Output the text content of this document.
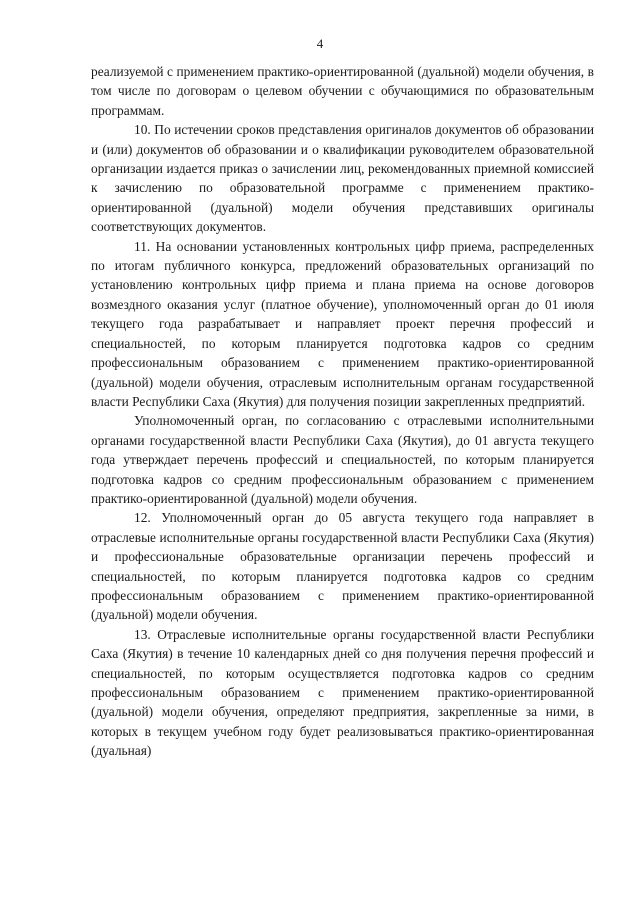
4

реализуемой с применением практико-ориентированной (дуальной) модели обучения, в том числе по договорам о целевом обучении с обучающимися по образовательным программам.

10. По истечении сроков представления оригиналов документов об образовании и (или) документов об образовании и о квалификации руководителем образовательной организации издается приказ о зачислении лиц, рекомендованных приемной комиссией к зачислению по образовательной программе с применением практико-ориентированной (дуальной) модели обучения представивших оригиналы соответствующих документов.

11. На основании установленных контрольных цифр приема, распределенных по итогам публичного конкурса, предложений образовательных организаций по установлению контрольных цифр приема и плана приема на основе договоров возмездного оказания услуг (платное обучение), уполномоченный орган до 01 июля текущего года разрабатывает и направляет проект перечня профессий и специальностей, по которым планируется подготовка кадров со средним профессиональным образованием с применением практико-ориентированной (дуальной) модели обучения, отраслевым исполнительным органам государственной власти Республики Саха (Якутия) для получения позиции закрепленных предприятий.

Уполномоченный орган, по согласованию с отраслевыми исполнительными органами государственной власти Республики Саха (Якутия), до 01 августа текущего года утверждает перечень профессий и специальностей, по которым планируется подготовка кадров со средним профессиональным образованием с применением практико-ориентированной (дуальной) модели обучения.

12. Уполномоченный орган до 05 августа текущего года направляет в отраслевые исполнительные органы государственной власти Республики Саха (Якутия) и профессиональные образовательные организации перечень профессий и специальностей, по которым планируется подготовка кадров со средним профессиональным образованием с применением практико-ориентированной (дуальной) модели обучения.

13. Отраслевые исполнительные органы государственной власти Республики Саха (Якутия) в течение 10 календарных дней со дня получения перечня профессий и специальностей, по которым осуществляется подготовка кадров со средним профессиональным образованием с применением практико-ориентированной (дуальной) модели обучения, определяют предприятия, закрепленные за ними, в которых в текущем учебном году будет реализовываться практико-ориентированная (дуальная)
